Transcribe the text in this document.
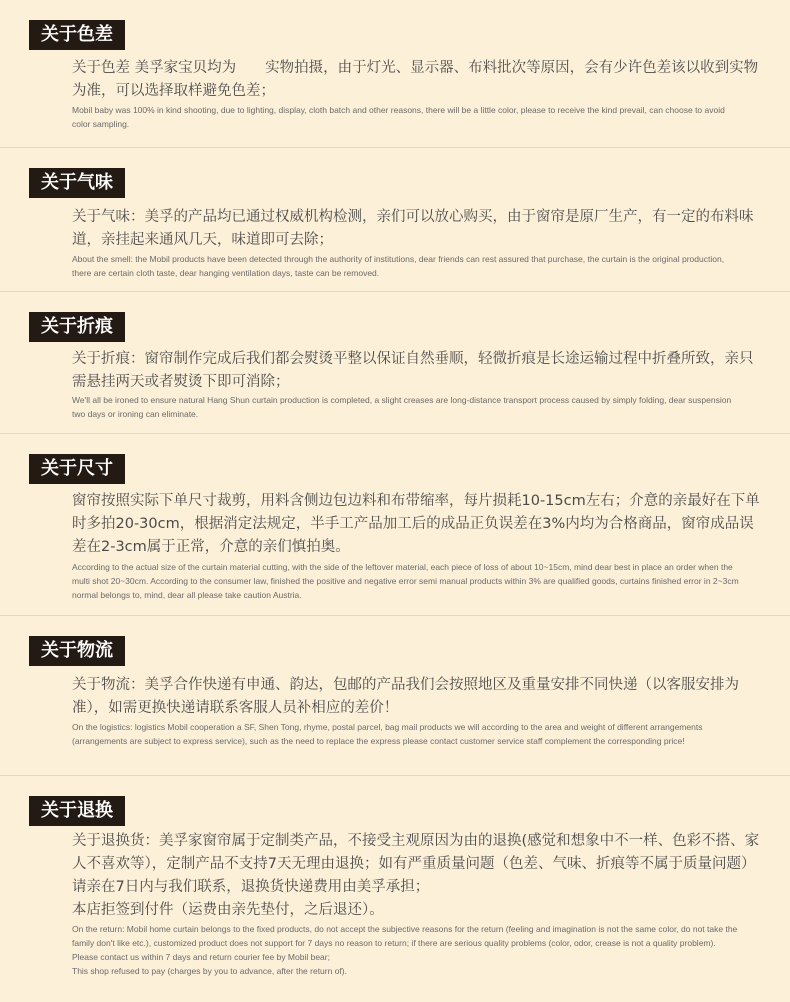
关于色差

关于色差 美孚家宝贝均为　　实物拍摄，由于灯光、显示器、布料批次等原因，会有少许色差该以收到实物为准，可以选择取样避免色差；

Mobil baby was 100% in kind shooting, due to lighting, display, cloth batch and other reasons, there will be a little color, please to receive the kind prevail, can choose to avoid color sampling.

关于气味

关于气味：美孚的产品均已通过权威机构检测，亲们可以放心购买，由于窗帘是原厂生产，有一定的布料味道，亲挂起来通风几天，味道即可去除；

About the smell: the Mobil products have been detected through the authority of institutions, dear friends can rest assured that purchase, the curtain is the original production, there are certain cloth taste, dear hanging ventilation days, taste can be removed.

关于折痕

关于折痕：窗帘制作完成后我们都会熨烫平整以保证自然垂顺，轻微折痕是长途运输过程中折叠所致，亲只需悬挂两天或者熨烫下即可消除；

We'll all be ironed to ensure natural Hang Shun curtain production is completed, a slight creases are long-distance transport process caused by simply folding, dear suspension two days or ironing can eliminate.

关于尺寸

窗帘按照实际下单尺寸裁剪，用料含侧边包边料和布带缩率，每片损耗10-15cm左右；介意的亲最好在下单时多拍20-30cm，根据消定法规定，半手工产品加工后的成品正负误差在3%内均为合格商品，窗帘成品误差在2-3cm属于正常，介意的亲们慎拍奥。

According to the actual size of the curtain material cutting, with the side of the leftover material, each piece of loss of about 10~15cm, mind dear best in place an order when the multi shot 20~30cm. According to the consumer law, finished the positive and negative error semi manual products within 3% are qualified goods, curtains finished error in 2~3cm normal belongs to, mind, dear all please take caution Austria.

关于物流

关于物流：美孚合作快递有申通、韵达，包邮的产品我们会按照地区及重量安排不同快递（以客服安排为准），如需更换快递请联系客服人员补相应的差价！

On the logistics: logistics Mobil cooperation a SF, Shen Tong, rhyme, postal parcel, bag mail products we will according to the area and weight of different arrangements (arrangements are subject to express service), such as the need to replace the express please contact customer service staff complement the corresponding price!

关于退换

关于退换货：美孚家窗帘属于定制类产品，不接受主观原因为由的退换(感觉和想象中不一样、色彩不搭、家人不喜欢等），定制产品不支持7天无理由退换；如有严重质量问题（色差、气味、折痕等不属于质量问题）请亲在7日内与我们联系，退换货快递费用由美孚承担；

本店拒签到付件（运费由亲先垫付，之后退还）。

On the return: Mobil home curtain belongs to the fixed products, do not accept the subjective reasons for the return (feeling and imagination is not the same color, do not take the family don't like etc.), customized product does not support for 7 days no reason to return; if there are serious quality problems (color, odor, crease is not a quality problem). Please contact us within 7 days and return courier fee by Mobil bear;

This shop refused to pay (charges by you to advance, after the return of).
